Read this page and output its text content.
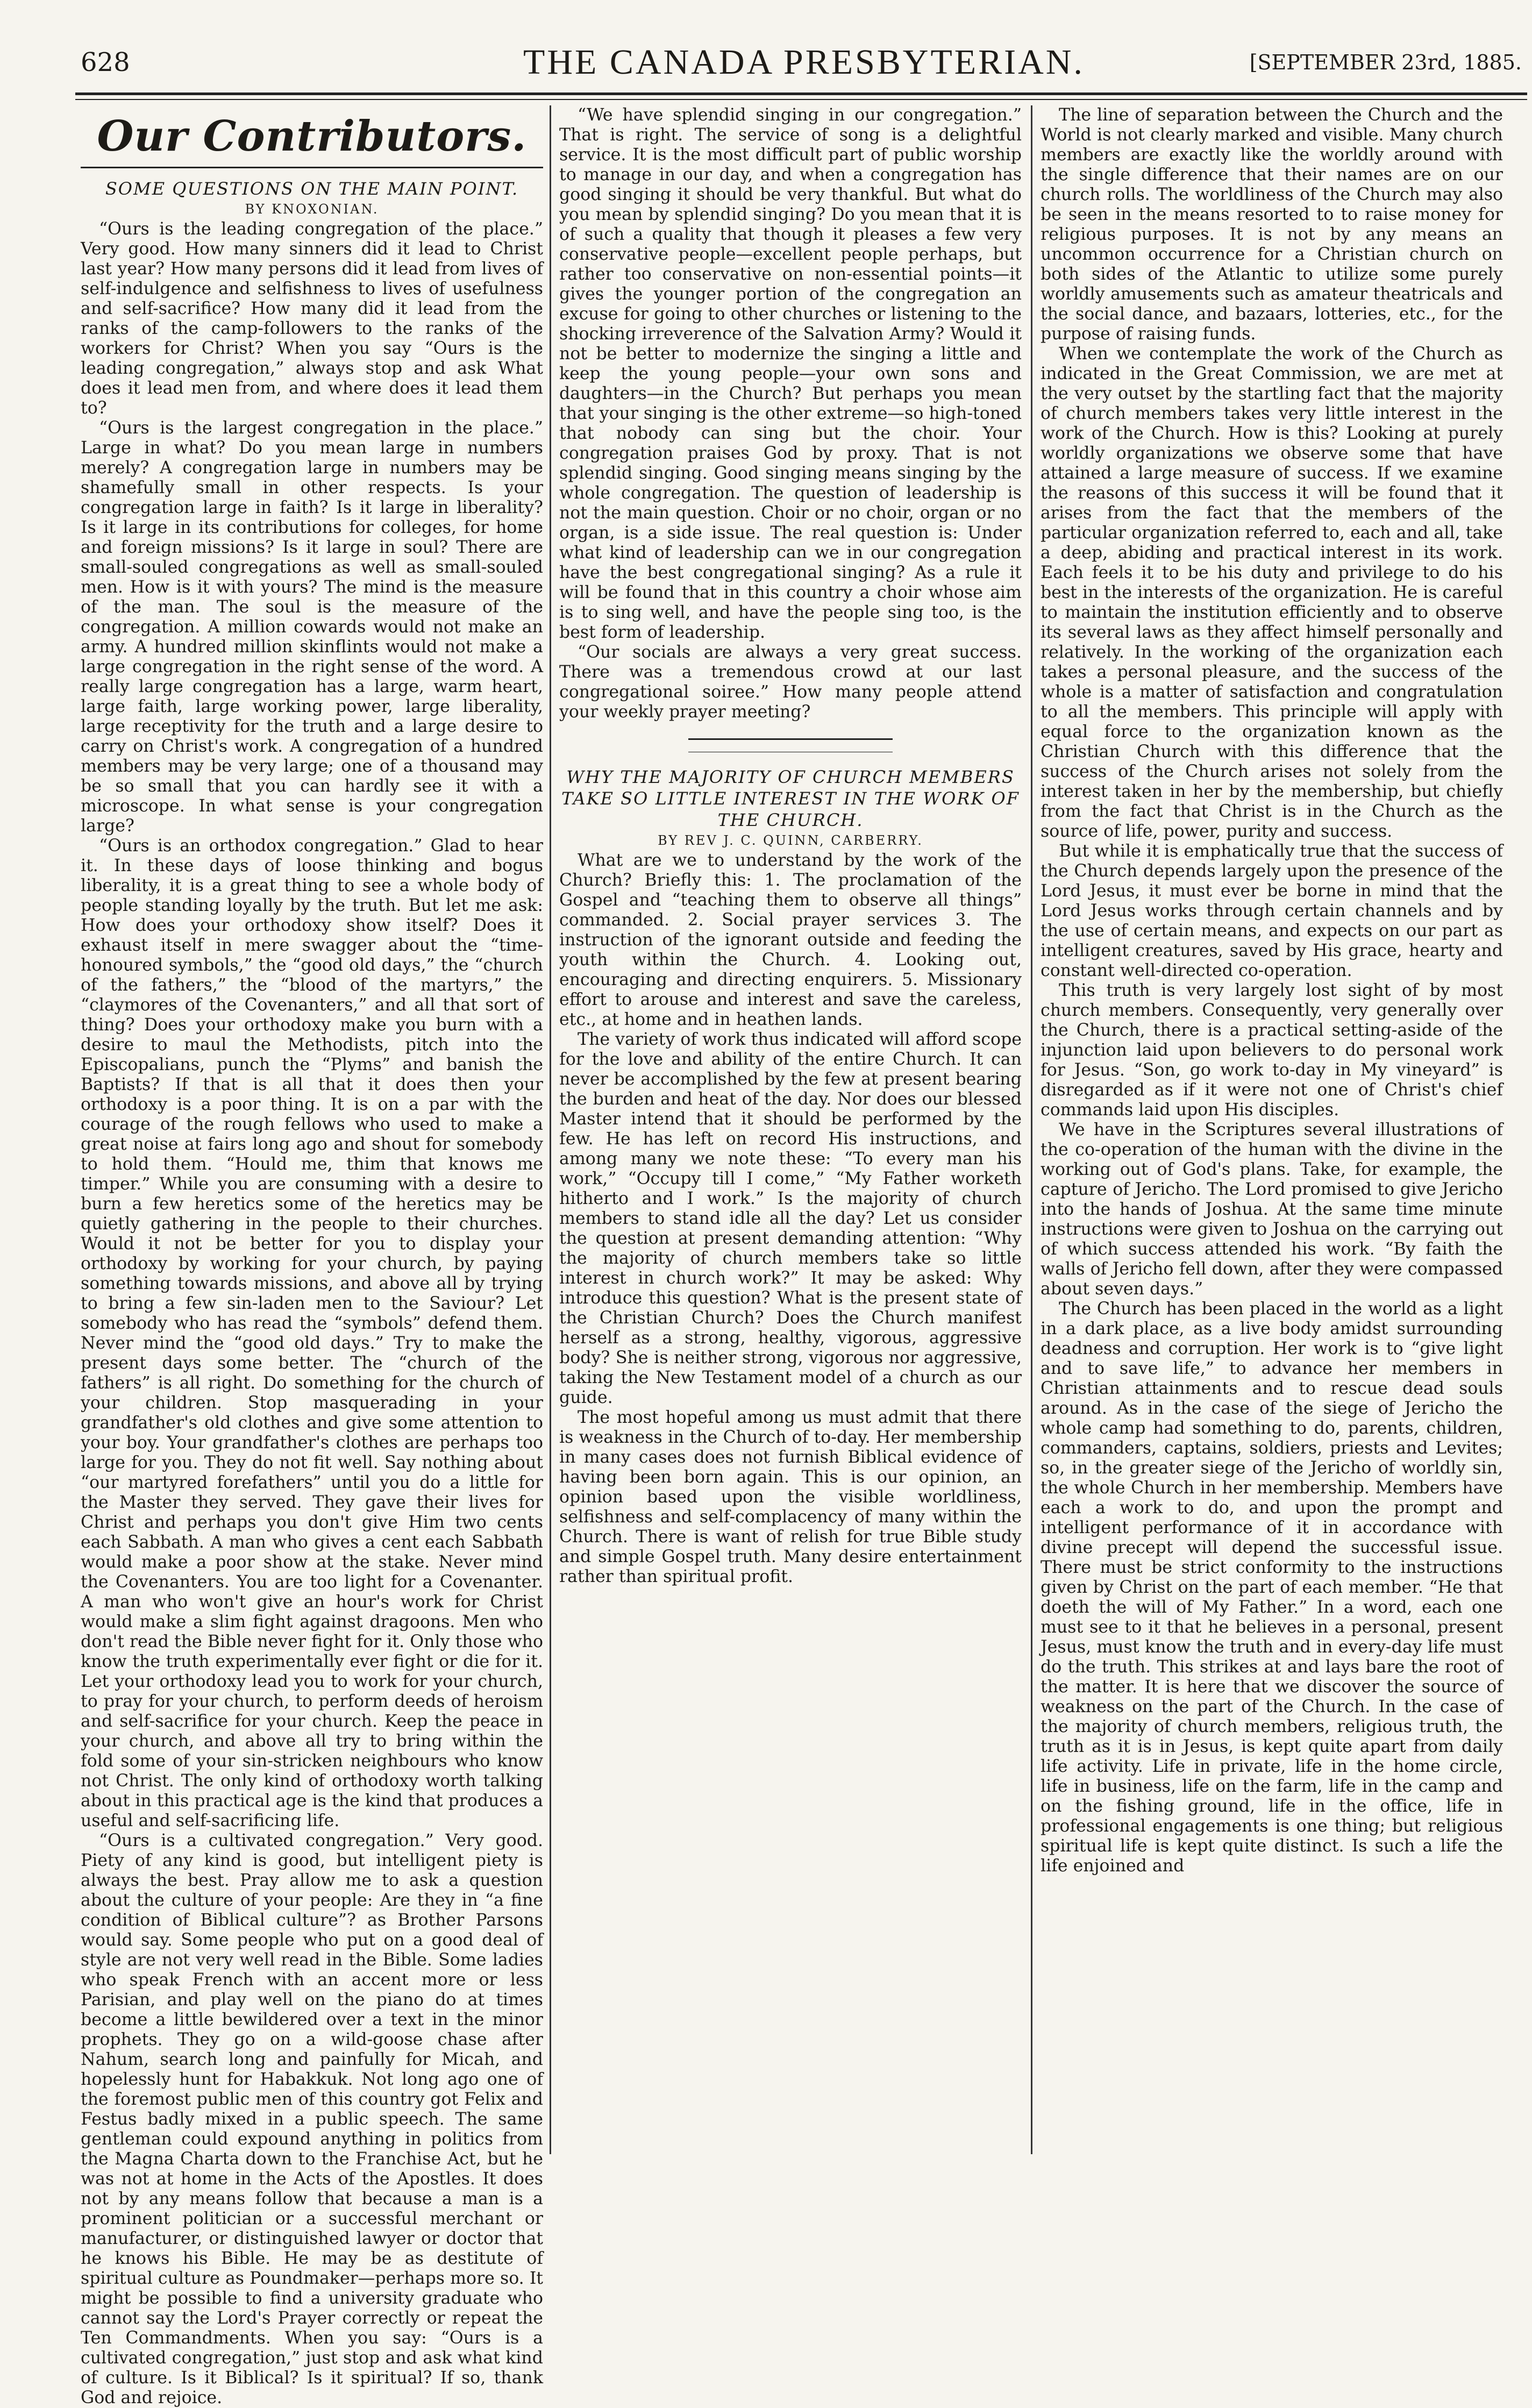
628	THE CANADA PRESBYTERIAN.	[SEPTEMBER 23rd, 1885.
Our Contributors.

SOME QUESTIONS ON THE MAIN POINT.

BY KNOXONIAN.

“Ours is the leading congregation of the place.” Very good. How many sinners did it lead to Christ last year? How many persons did it lead from lives of self-indulgence and selfishness to lives of usefulness and self-sacrifice? How many did it lead from the ranks of the camp-followers to the ranks of the workers for Christ? When you say “Ours is the leading congregation,” always stop and ask What does it lead men from, and where does it lead them to?

“Ours is the largest congregation in the place.” Large in what? Do you mean large in numbers merely? A congregation large in numbers may be shamefully small in other respects. Is your congregation large in faith? Is it large in liberality? Is it large in its contributions for colleges, for home and foreign missions? Is it large in soul? There are small-souled congregations as well as small-souled men. How is it with yours? The mind is the measure of the man. The soul is the measure of the congregation. A million cowards would not make an army. A hundred million skinflints would not make a large congregation in the right sense of the word. A really large congregation has a large, warm heart, large faith, large working power, large liberality, large receptivity for the truth and a large desire to carry on Christ's work. A congregation of a hundred members may be very large; one of a thousand may be so small that you can hardly see it with a microscope. In what sense is your congregation large?

“Ours is an orthodox congregation.” Glad to hear it. In these days of loose thinking and bogus liberality, it is a great thing to see a whole body of people standing loyally by the truth. But let me ask: How does your orthodoxy show itself? Does it exhaust itself in mere swagger about the “time-honoured symbols,” the “good old days,” the “church of the fathers,” the “blood of the martyrs,” the “claymores of the Covenanters,” and all that sort of thing? Does your orthodoxy make you burn with a desire to maul the Methodists, pitch into the Episcopalians, punch the “Plyms” and banish the Baptists? If that is all that it does then your orthodoxy is a poor thing. It is on a par with the courage of the rough fellows who used to make a great noise at fairs long ago and shout for somebody to hold them. “Hould me, thim that knows me timper.” While you are consuming with a desire to burn a few heretics some of the heretics may be quietly gathering in the people to their churches. Would it not be better for you to display your orthodoxy by working for your church, by paying something towards missions, and above all by trying to bring a few sin-laden men to the Saviour? Let somebody who has read the “symbols” defend them. Never mind the “good old days.” Try to make the present days some better. The “church of the fathers” is all right. Do something for the church of your children. Stop masquerading in your grandfather's old clothes and give some attention to your boy. Your grandfather's clothes are perhaps too large for you. They do not fit well. Say nothing about “our martyred forefathers” until you do a little for the Master they served. They gave their lives for Christ and perhaps you don't give Him two cents each Sabbath. A man who gives a cent each Sabbath would make a poor show at the stake. Never mind the Covenanters. You are too light for a Covenanter. A man who won't give an hour's work for Christ would make a slim fight against dragoons. Men who don't read the Bible never fight for it. Only those who know the truth experimentally ever fight or die for it. Let your orthodoxy lead you to work for your church, to pray for your church, to perform deeds of heroism and self-sacrifice for your church. Keep the peace in your church, and above all try to bring within the fold some of your sin-stricken neighbours who know not Christ. The only kind of orthodoxy worth talking about in this practical age is the kind that produces a useful and self-sacrificing life.

“Ours is a cultivated congregation.” Very good. Piety of any kind is good, but intelligent piety is always the best. Pray allow me to ask a question about the culture of your people: Are they in “a fine condition of Biblical culture”? as Brother Parsons would say. Some people who put on a good deal of style are not very well read in the Bible. Some ladies who speak French with an accent more or less Parisian, and play well on the piano do at times become a little bewildered over a text in the minor prophets. They go on a wild-goose chase after Nahum, search long and painfully for Micah, and hopelessly hunt for Habakkuk. Not long ago one of the foremost public men of this country got Felix and Festus badly mixed in a public speech. The same gentleman could expound anything in politics from the Magna Charta down to the Franchise Act, but he was not at home in the Acts of the Apostles. It does not by any means follow that because a man is a prominent politician or a successful merchant or manufacturer, or distinguished lawyer or doctor that he knows his Bible. He may be as destitute of spiritual culture as Poundmaker—perhaps more so. It might be possible to find a university graduate who cannot say the Lord's Prayer correctly or repeat the Ten Commandments. When you say: “Ours is a cultivated congregation,” just stop and ask what kind of culture. Is it Biblical? Is it spiritual? If so, thank God and rejoice.

“We have splendid singing in our congregation.” That is right. The service of song is a delightful service. It is the most difficult part of public worship to manage in our day, and when a congregation has good singing it should be very thankful. But what do you mean by splendid singing? Do you mean that it is of such a quality that though it pleases a few very conservative people—excellent people perhaps, but rather too conservative on non-essential points—it gives the younger portion of the congregation an excuse for going to other churches or listening to the shocking irreverence of the Salvation Army? Would it not be better to modernize the singing a little and keep the young people—your own sons and daughters—in the Church? But perhaps you mean that your singing is the other extreme—so high-toned that nobody can sing but the choir. Your congregation praises God by proxy. That is not splendid singing. Good singing means singing by the whole congregation. The question of leadership is not the main question. Choir or no choir, organ or no organ, is a side issue. The real question is: Under what kind of leadership can we in our congregation have the best congregational singing? As a rule it will be found that in this country a choir whose aim is to sing well, and have the people sing too, is the best form of leadership.

“Our socials are always a very great success. There was a tremendous crowd at our last congregational soiree.” How many people attend your weekly prayer meeting?

WHY THE MAJORITY OF CHURCH MEMBERS TAKE SO LITTLE INTEREST IN THE WORK OF THE CHURCH.

BY REV J. C. QUINN, CARBERRY.

What are we to understand by the work of the Church? Briefly this: 1. The proclamation of the Gospel and “teaching them to observe all things” commanded. 2. Social prayer services 3. The instruction of the ignorant outside and feeding the youth within the Church. 4. Looking out, encouraging and directing enquirers. 5. Missionary effort to arouse and interest and save the careless, etc., at home and in heathen lands.

The variety of work thus indicated will afford scope for the love and ability of the entire Church. It can never be accomplished by the few at present bearing the burden and heat of the day. Nor does our blessed Master intend that it should be performed by the few. He has left on record His instructions, and among many we note these: “To every man his work,” “Occupy till I come,” “My Father worketh hitherto and I work.” Is the majority of church members to stand idle all the day? Let us consider the question at present demanding attention: “Why the majority of church members take so little interest in church work?” It may be asked: Why introduce this question? What is the present state of the Christian Church? Does the Church manifest herself as a strong, healthy, vigorous, aggressive body? She is neither strong, vigorous nor aggressive, taking the New Testament model of a church as our guide.

The most hopeful among us must admit that there is weakness in the Church of to-day. Her membership in many cases does not furnish Biblical evidence of having been born again. This is our opinion, an opinion based upon the visible worldliness, selfishness and self-complacency of many within the Church. There is want of relish for true Bible study and simple Gospel truth. Many desire entertainment rather than spiritual profit.

The line of separation between the Church and the World is not clearly marked and visible. Many church members are exactly like the worldly around with the single difference that their names are on our church rolls. The worldliness of the Church may also be seen in the means resorted to to raise money for religious purposes. It is not by any means an uncommon occurrence for a Christian church on both sides of the Atlantic to utilize some purely worldly amusements such as amateur theatricals and the social dance, and bazaars, lotteries, etc., for the purpose of raising funds.

When we contemplate the work of the Church as indicated in the Great Commission, we are met at the very outset by the startling fact that the majority of church members takes very little interest in the work of the Church. How is this? Looking at purely worldly organizations we observe some that have attained a large measure of success. If we examine the reasons of this success it will be found that it arises from the fact that the members of the particular organization referred to, each and all, take a deep, abiding and practical interest in its work. Each feels it to be his duty and privilege to do his best in the interests of the organization. He is careful to maintain the institution efficiently and to observe its several laws as they affect himself personally and relatively. In the working of the organization each takes a personal pleasure, and the success of the whole is a matter of satisfaction and congratulation to all the members. This principle will apply with equal force to the organization known as the Christian Church with this difference that the success of the Church arises not solely from the interest taken in her by the membership, but chiefly from the fact that Christ is in the Church as the source of life, power, purity and success.

But while it is emphatically true that the success of the Church depends largely upon the presence of the Lord Jesus, it must ever be borne in mind that the Lord Jesus works through certain channels and by the use of certain means, and expects on our part as intelligent creatures, saved by His grace, hearty and constant well-directed co-operation.

This truth is very largely lost sight of by most church members. Consequently, very generally over the Church, there is a practical setting-aside of the injunction laid upon believers to do personal work for Jesus. “Son, go work to-day in My vineyard” is disregarded as if it were not one of Christ's chief commands laid upon His disciples.

We have in the Scriptures several illustrations of the co-operation of the human with the divine in the working out of God's plans. Take, for example, the capture of Jericho. The Lord promised to give Jericho into the hands of Joshua. At the same time minute instructions were given to Joshua on the carrying out of which success attended his work. “By faith the walls of Jericho fell down, after they were compassed about seven days.”

The Church has been placed in the world as a light in a dark place, as a live body amidst surrounding deadness and corruption. Her work is to “give light and to save life,” to advance her members in Christian attainments and to rescue dead souls around. As in the case of the siege of Jericho the whole camp had something to do, parents, children, commanders, captains, soldiers, priests and Levites; so, in the greater siege of the Jericho of worldly sin, the whole Church in her membership. Members have each a work to do, and upon the prompt and intelligent performance of it in accordance with divine precept will depend the successful issue. There must be strict conformity to the instructions given by Christ on the part of each member. “He that doeth the will of My Father.” In a word, each one must see to it that he believes in a personal, present Jesus, must know the truth and in every-day life must do the truth. This strikes at and lays bare the root of the matter. It is here that we discover the source of weakness on the part of the Church. In the case of the majority of church members, religious truth, the truth as it is in Jesus, is kept quite apart from daily life activity. Life in private, life in the home circle, life in business, life on the farm, life in the camp and on the fishing ground, life in the office, life in professional engagements is one thing; but religious spiritual life is kept quite distinct. Is such a life the life enjoined and
